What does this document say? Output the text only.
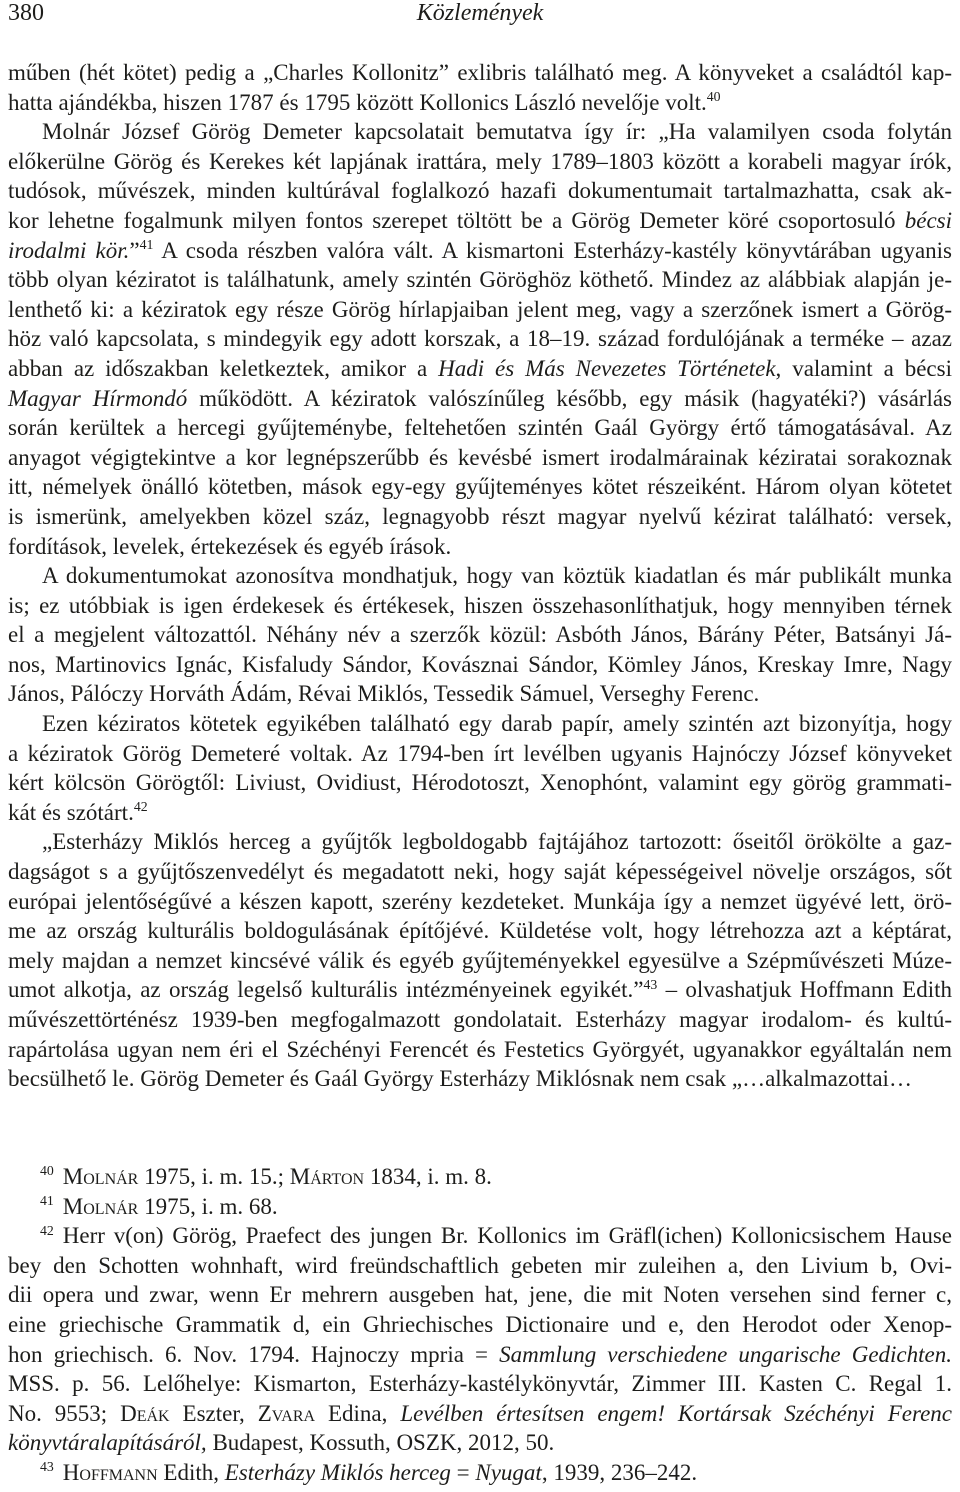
380	Közlemények
műben (hét kötet) pedig a „Charles Kollonitz” exlibris található meg. A könyveket a családtól kap-
hatta ajándékba, hiszen 1787 és 1795 között Kollonics László nevelője volt.$^{40}$
Molnár József Görög Demeter kapcsolatait bemutatva így ír: „Ha valamilyen csoda folytán
előkerülne Görög és Kerekes két lapjának irattára, mely 1789–1803 között a korabeli magyar írók,
tudósok, művészek, minden kultúrával foglalkozó hazafi dokumentumait tartalmazhatta, csak ak-
kor lehetne fogalmunk milyen fontos szerepet töltött be a Görög Demeter köré csoportosuló bécsi
irodalmi kör.”$^{41}$ A csoda részben valóra vált. A kismartoni Esterházy-kastély könyvtárában ugyanis
több olyan kéziratot is találhatunk, amely szintén Göröghöz köthető. Mindez az alábbiak alapján je-
lenthető ki: a kéziratok egy része Görög hírlapjaiban jelent meg, vagy a szerzőnek ismert a Görög-
höz való kapcsolata, s mindegyik egy adott korszak, a 18–19. század fordulójának a terméke – azaz
abban az időszakban keletkeztek, amikor a Hadi és Más Nevezetes Történetek, valamint a bécsi
Magyar Hírmondó működött. A kéziratok valószínűleg később, egy másik (hagyatéki?) vásárlás
során kerültek a hercegi gyűjteménybe, feltehetően szintén Gaál György értő támogatásával. Az
anyagot végigtekintve a kor legnépszerűbb és kevésbé ismert irodalmárainak kéziratai sorakoznak
itt, némelyek önálló kötetben, mások egy-egy gyűjteményes kötet részeiként. Három olyan kötetet
is ismerünk, amelyekben közel száz, legnagyobb részt magyar nyelvű kézirat található: versek,
fordítások, levelek, értekezések és egyéb írások.
A dokumentumokat azonosítva mondhatjuk, hogy van köztük kiadatlan és már publikált munka
is; ez utóbbiak is igen érdekesek és értékesek, hiszen összehasonlíthatjuk, hogy mennyiben térnek
el a megjelent változattól. Néhány név a szerzők közül: Asbóth János, Bárány Péter, Batsányi Já-
nos, Martinovics Ignác, Kisfaludy Sándor, Kovásznai Sándor, Kömley János, Kreskay Imre, Nagy
János, Pálóczy Horváth Ádám, Révai Miklós, Tessedik Sámuel, Verseghy Ferenc.
Ezen kéziratos kötetek egyikében található egy darab papír, amely szintén azt bizonyítja, hogy
a kéziratok Görög Demeteré voltak. Az 1794-ben írt levélben ugyanis Hajnóczy József könyveket
kért kölcsön Görögtől: Liviust, Ovidiust, Hérodotoszt, Xenophónt, valamint egy görög grammati-
kát és szótárt.$^{42}$
„Esterházy Miklós herceg a gyűjtők legboldogabb fajtájához tartozott: őseitől örökölte a gaz-
dagságot s a gyűjtőszenvedélyt és megadatott neki, hogy saját képességeivel növelje országos, sőt
európai jelentőségűvé a készen kapott, szerény kezdeteket. Munkája így a nemzet ügyévé lett, örö-
me az ország kulturális boldogulásának építőjévé. Küldetése volt, hogy létrehozza azt a képtárat,
mely majdan a nemzet kincsévé válik és egyéb gyűjteményekkel egyesülve a Szépművészeti Múze-
umot alkotja, az ország legelső kulturális intézményeinek egyikét.”$^{43}$ – olvashatjuk Hoffmann Edith
művészettörténész 1939-ben megfogalmazott gondolatait. Esterházy magyar irodalom- és kultú-
rapártolása ugyan nem éri el Széchényi Ferencét és Festetics Györgyét, ugyanakkor egyáltalán nem
becsülhető le. Görög Demeter és Gaál György Esterházy Miklósnak nem csak „…alkalmazottai…
$^{40}$ Molnár 1975, i. m. 15.; Márton 1834, i. m. 8.
$^{41}$ Molnár 1975, i. m. 68.
$^{42}$ Herr v(on) Görög, Praefect des jungen Br. Kollonics im Gräfl(ichen) Kollonicsischem Hause
bey den Schotten wohnhaft, wird freündschaftlich gebeten mir zuleihen a, den Livium b, Ovi-
dii opera und zwar, wenn Er mehrern ausgeben hat, jene, die mit Noten versehen sind ferner c,
eine griechische Grammatik d, ein Ghriechisches Dictionaire und e, den Herodot oder Xenop-
hon griechisch. 6. Nov. 1794. Hajnoczy mpria = Sammlung verschiedene ungarische Gedichten.
MSS. p. 56. Lelőhelye: Kismarton, Esterházy-kastélykönyvtár, Zimmer III. Kasten C. Regal 1.
No. 9553; Deák Eszter, Zvara Edina, Levélben értesítsen engem! Kortársak Széchényi Ferenc
könyvtáralapításáról, Budapest, Kossuth, OSZK, 2012, 50.
$^{43}$ Hoffmann Edith, Esterházy Miklós herceg = Nyugat, 1939, 236–242.
